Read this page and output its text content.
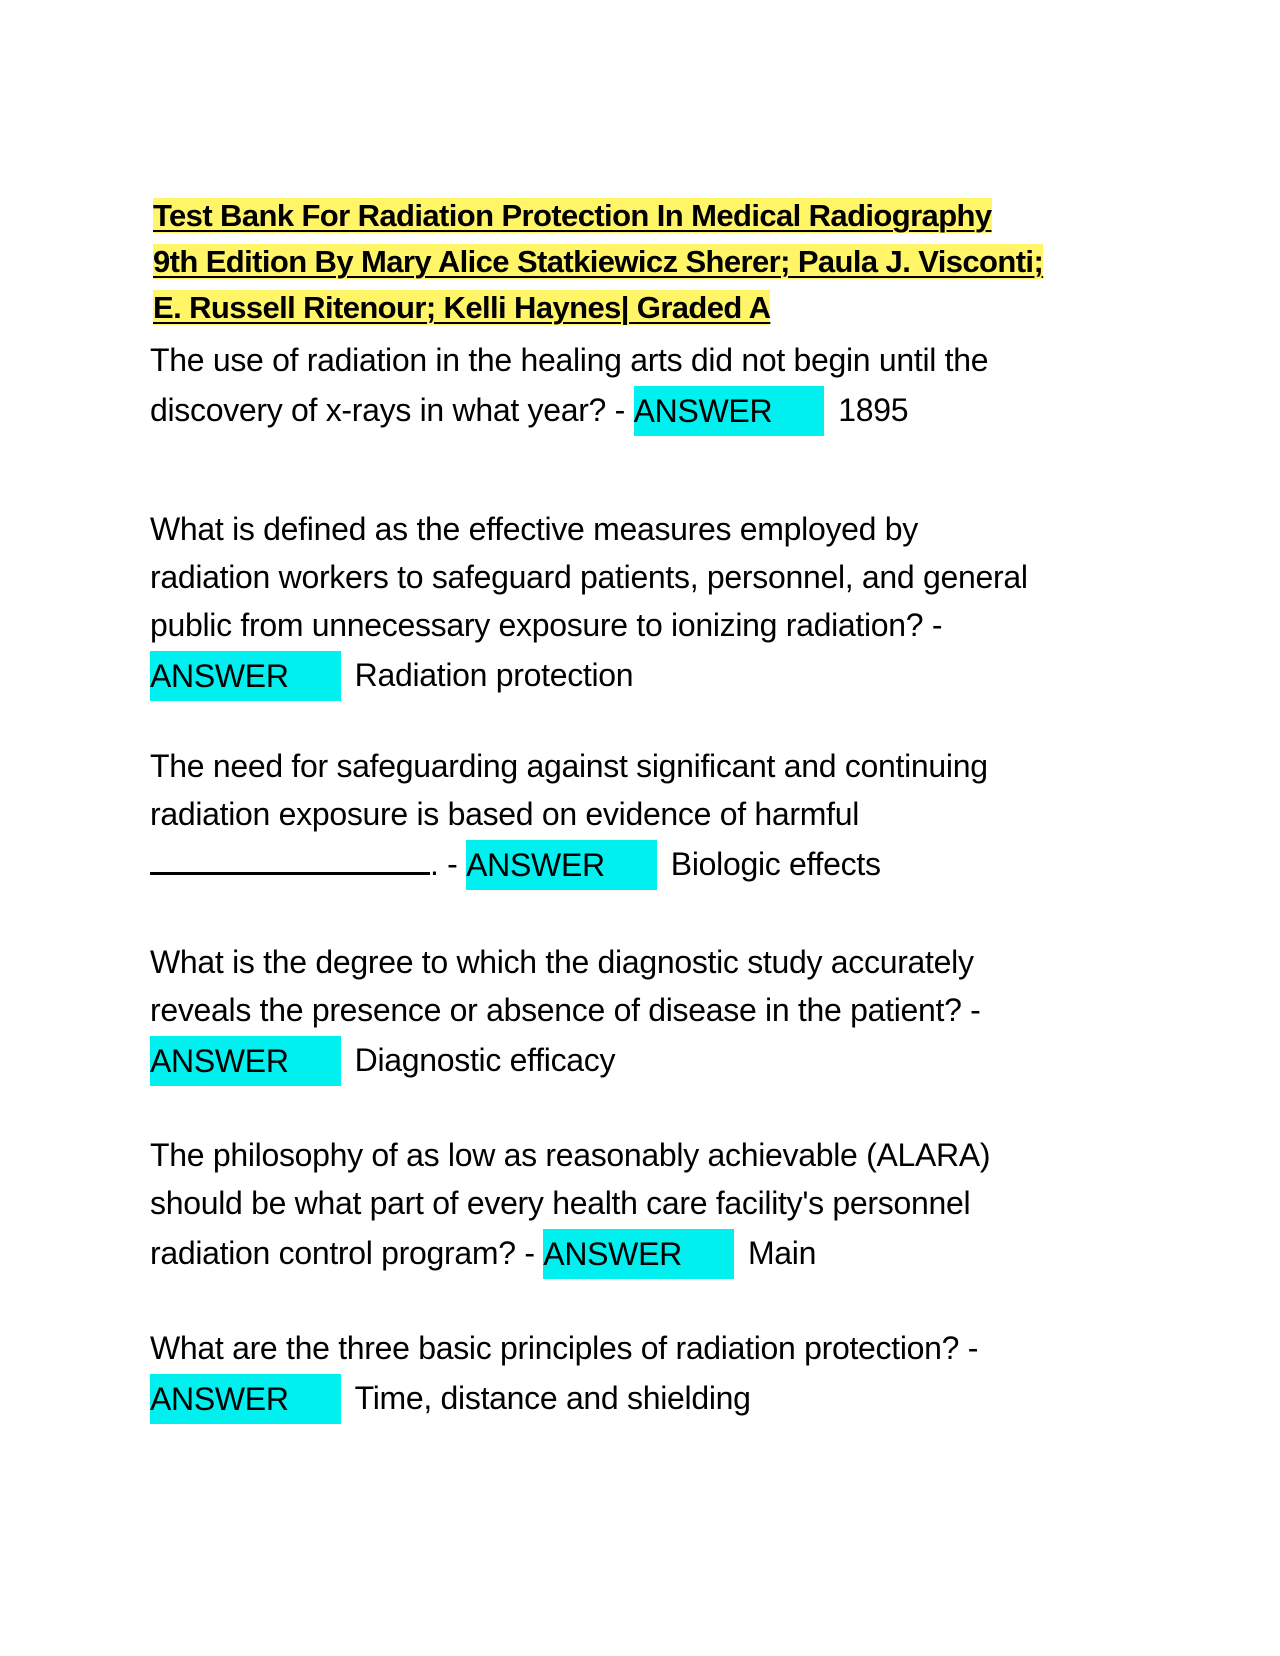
Test Bank For Radiation Protection In Medical Radiography
9th Edition By Mary Alice Statkiewicz Sherer; Paula J. Visconti;
E. Russell Ritenour; Kelli Haynes| Graded A
The use of radiation in the healing arts did not begin until the
discovery of x-rays in what year? - ANSWER 1895
What is defined as the effective measures employed by
radiation workers to safeguard patients, personnel, and general
public from unnecessary exposure to ionizing radiation? -
ANSWER Radiation protection
The need for safeguarding against significant and continuing
radiation exposure is based on evidence of harmful
. - ANSWER Biologic effects
What is the degree to which the diagnostic study accurately
reveals the presence or absence of disease in the patient? -
ANSWER Diagnostic efficacy
The philosophy of as low as reasonably achievable (ALARA)
should be what part of every health care facility's personnel
radiation control program? - ANSWER Main
What are the three basic principles of radiation protection? -
ANSWER Time, distance and shielding
